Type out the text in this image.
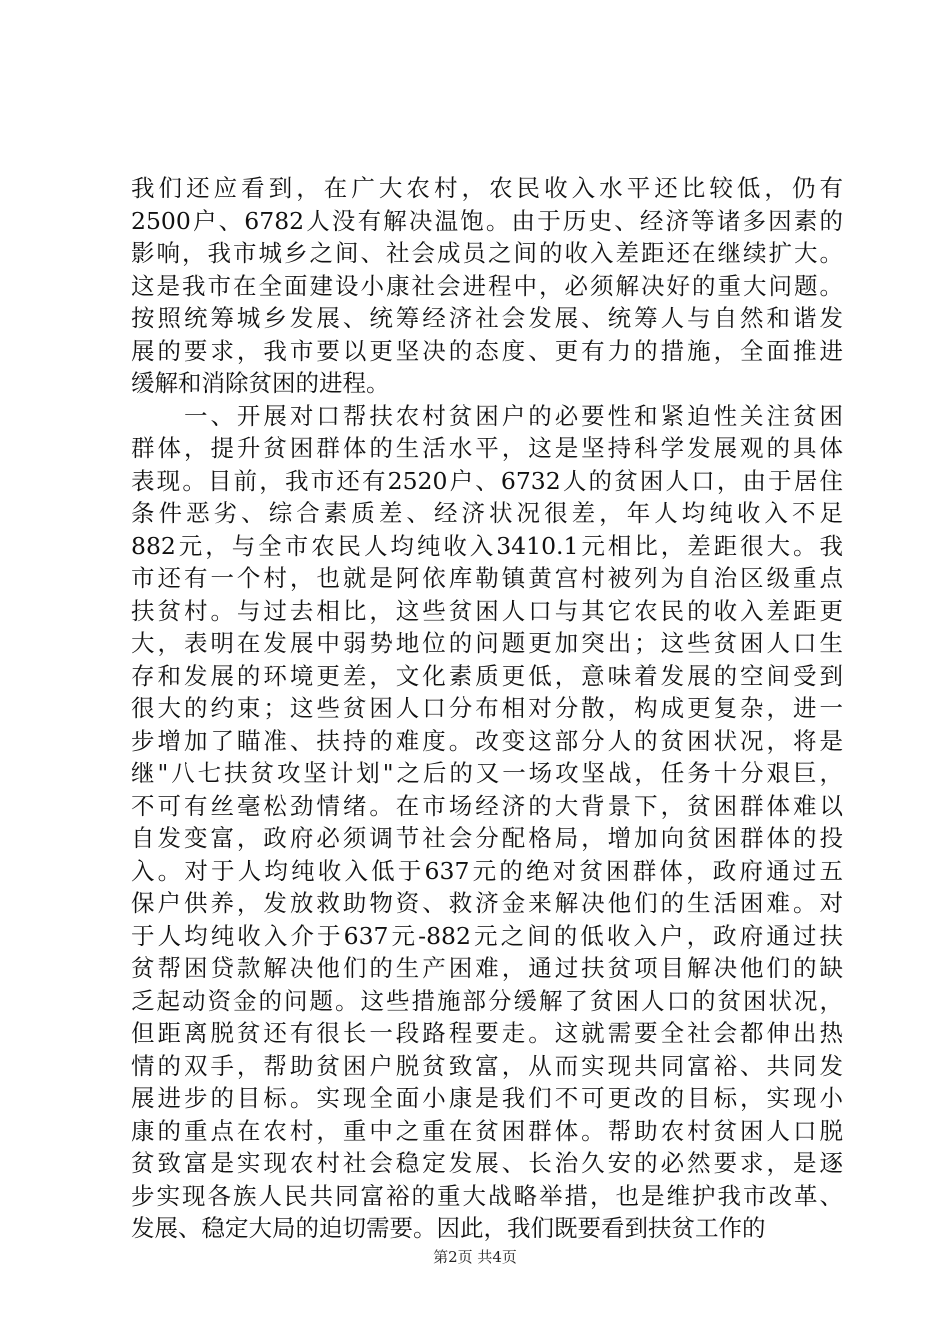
我们还应看到，在广大农村，农民收入水平还比较低，仍有
2500户、6782人没有解决温饱。由于历史、经济等诸多因素的
影响，我市城乡之间、社会成员之间的收入差距还在继续扩大。
这是我市在全面建设小康社会进程中，必须解决好的重大问题。
按照统筹城乡发展、统筹经济社会发展、统筹人与自然和谐发
展的要求，我市要以更坚决的态度、更有力的措施，全面推进
缓解和消除贫困的进程。
　　一、开展对口帮扶农村贫困户的必要性和紧迫性关注贫困
群体，提升贫困群体的生活水平，这是坚持科学发展观的具体
表现。目前，我市还有2520户、6732人的贫困人口，由于居住
条件恶劣、综合素质差、经济状况很差，年人均纯收入不足
882元，与全市农民人均纯收入3410.1元相比，差距很大。我
市还有一个村，也就是阿依库勒镇黄宫村被列为自治区级重点
扶贫村。与过去相比，这些贫困人口与其它农民的收入差距更
大，表明在发展中弱势地位的问题更加突出；这些贫困人口生
存和发展的环境更差，文化素质更低，意味着发展的空间受到
很大的约束；这些贫困人口分布相对分散，构成更复杂，进一
步增加了瞄准、扶持的难度。改变这部分人的贫困状况，将是
继"八七扶贫攻坚计划"之后的又一场攻坚战，任务十分艰巨，
不可有丝毫松劲情绪。在市场经济的大背景下，贫困群体难以
自发变富，政府必须调节社会分配格局，增加向贫困群体的投
入。对于人均纯收入低于637元的绝对贫困群体，政府通过五
保户供养，发放救助物资、救济金来解决他们的生活困难。对
于人均纯收入介于637元-882元之间的低收入户，政府通过扶
贫帮困贷款解决他们的生产困难，通过扶贫项目解决他们的缺
乏起动资金的问题。这些措施部分缓解了贫困人口的贫困状况，
但距离脱贫还有很长一段路程要走。这就需要全社会都伸出热
情的双手，帮助贫困户脱贫致富，从而实现共同富裕、共同发
展进步的目标。实现全面小康是我们不可更改的目标，实现小
康的重点在农村，重中之重在贫困群体。帮助农村贫困人口脱
贫致富是实现农村社会稳定发展、长治久安的必然要求，是逐
步实现各族人民共同富裕的重大战略举措，也是维护我市改革、
发展、稳定大局的迫切需要。因此，我们既要看到扶贫工作的
第2页 共4页
